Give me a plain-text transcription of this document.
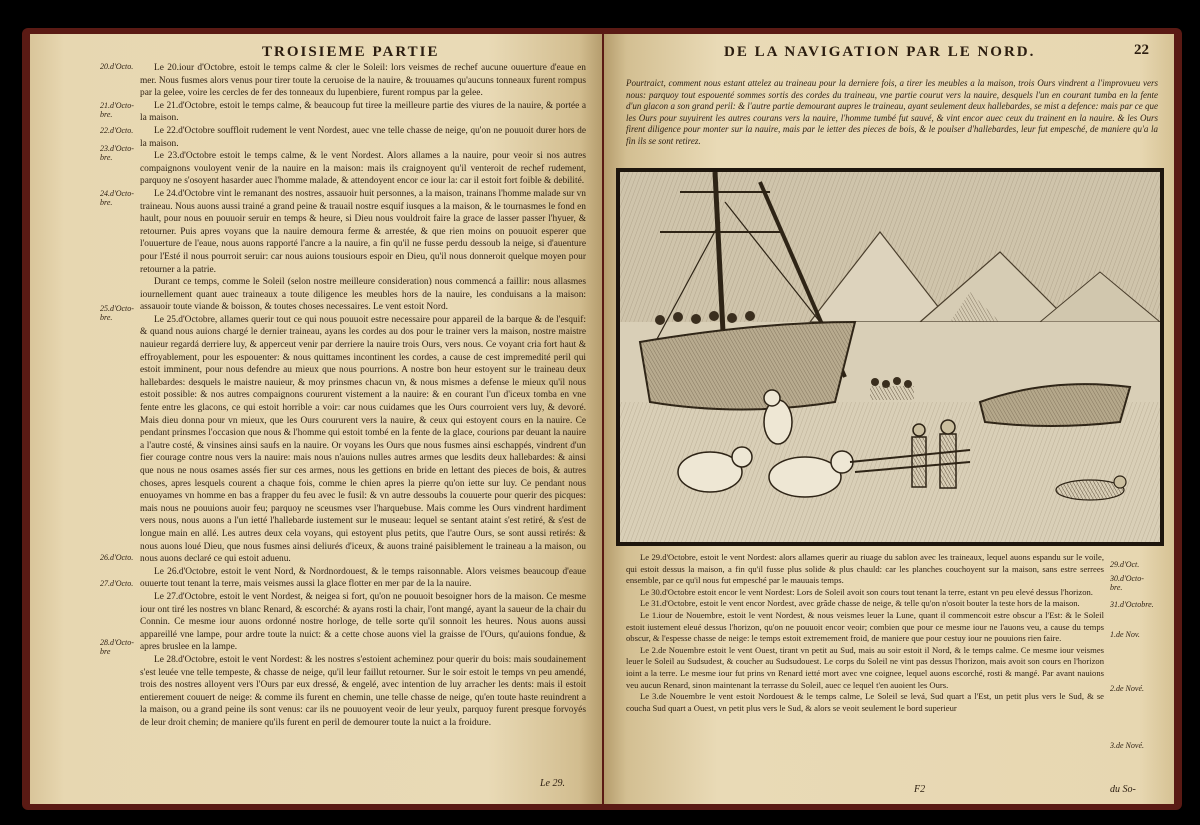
TROISIEME PARTIE
20.d'Octo.
21.d'Octo-
bre.
22.d'Octo.
23.d'Octo-
bre.
24.d'Octo-
bre.
25.d'Octo-
bre.
26.d'Octo.
27.d'Octo.
28.d'Octo-
bre

Le 20.iour d'Octobre, estoit le temps calme & cler le Soleil: lors veismes de rechef aucune ouuerture d'eaue en mer. Nous fusmes alors venus pour tirer toute la ceruoise de la nauire, & trouuames qu'aucuns tonneaux furent rompus par la gelee, voire les cercles de fer des tonneaux du lupenbiere, furent rompus par la gelee.

Le 21.d'Octobre, estoit le temps calme, & beaucoup fut tiree la meilleure partie des viures de la nauire, & portée a la maison.

Le 22.d'Octobre souffloit rudement le vent Nordest, auec vne telle chasse de neige, qu'on ne pouuoit durer hors de la maison.

Le 23.d'Octobre estoit le temps calme, & le vent Nordest. Alors allames a la nauire, pour veoir si nos autres compaignons vouloyent venir de la nauire en la maison: mais ils craignoyent qu'il venteroit de rechef rudement, parquoy ne s'osoyent hasarder auec l'homme malade, & attendoyent encor ce iour la: car il estoit fort foible & debilité.

Le 24.d'Octobre vint le remanant des nostres, assauoir huit personnes, a la maison, trainans l'homme malade sur vn traineau. Nous auons aussi trainé a grand peine & trauail nostre esquif iusques a la maison, & le tournasmes le fond en hault, pour nous en pouuoir seruir en temps & heure, si Dieu nous vouldroit faire la grace de lasser passer l'hyuer, & retourner. Puis apres voyans que la nauire demoura ferme & arrestée, & que rien moins on pouuoit esperer que l'ouuerture de l'eaue, nous auons rapporté l'ancre a la nauire, a fin qu'il ne fusse perdu dessoub la neige, si d'auenture pour l'Esté il nous pourroit seruir: car nous auions tousiours espoir en Dieu, qu'il nous donneroit quelque moyen pour retourner a la patrie.

Durant ce temps, comme le Soleil (selon nostre meilleure consideration) nous commencá a faillir: nous allasmes iournellement quant auec traineaux a toute diligence les meubles hors de la nauire, les conduisans a la maison: assauoir toute viande & boisson, & toutes choses necessaires. Le vent estoit Nord.

Le 25.d'Octobre, allames querir tout ce qui nous pouuoit estre necessaire pour appareil de la barque & de l'esquif: & quand nous auions chargé le dernier traineau, ayans les cordes au dos pour le trainer vers la maison, nostre maistre nauieur regardá derriere luy, & apperceut venir par derriere la nauire trois Ours, vers nous. Ce voyant cria fort haut & effroyablement, pour les espouenter: & nous quittames incontinent les cordes, a cause de cest impremedité peril qui estoit imminent, pour nous defendre au mieux que nous pourrions. A nostre bon heur estoyent sur le traineau deux hallebardes: desquels le maistre nauieur, & moy prinsmes chacun vn, & nous mismes a defense le mieux qu'il nous estoit possible: & nos autres compaignons coururent vistement a la nauire: & en courant l'un d'iceux tomba en vne fente entre les glacons, ce qui estoit horrible a voir: car nous cuidames que les Ours courroient vers luy, & devoré. Mais dieu donna pour vn mieux, que les Ours coururent vers la nauire, & ceux qui estoyent cours en la nauire. Ce pendant prinsmes l'occasion que nous & l'homme qui estoit tombé en la fente de la glace, courions par deuant la nauire a l'autre costé, & vinsines ainsi saufs en la nauire. Or voyans les Ours que nous fusmes ainsi eschappés, vindrent d'un fier courage contre nous vers la nauire: mais nous n'auions nulles autres armes que lesdits deux hallebardes: & ainsi que nous ne nous osames assés fier sur ces armes, nous les gettions en bride en lettant des pieces de bois, & autres choses, apres lesquels courent a chaque fois, comme le chien apres la pierre qu'on iette sur luy. Ce pendant nous enuoyames vn homme en bas a frapper du feu avec le fusil: & vn autre dessoubs la couuerte pour querir des picques: mais nous ne pouuions auoir feu; parquoy ne sceusmes vser l'harquebuse. Mais comme les Ours vindrent hardiment vers nous, nous auons a l'un ietté l'hallebarde iustement sur le museau: lequel se sentant ataint s'est retiré, & s'est de longue main en allé. Les autres deux cela voyans, qui estoyent plus petits, que l'autre Ours, se sont aussi retirés: & nous auons loué Dieu, que nous fusmes ainsi deliurés d'iceux, & auons trainé paisiblement le traineau a la maison, ou nous auons declaré ce qui estoit aduenu.

Le 26.d'Octobre, estoit le vent Nord, & Nordnordouest, & le temps raisonnable. Alors veismes beaucoup d'eaue ouuerte tout tenant la terre, mais veismes aussi la glace flotter en mer par de la la nauire.

Le 27.d'Octobre, estoit le vent Nordest, & neigea si fort, qu'on ne pouuoit besoigner hors de la maison. Ce mesme iour ont tiré les nostres vn blanc Renard, & escorché: & ayans rosti la chair, l'ont mangé, ayant la saueur de la chair du Connin. Ce mesme iour auons ordonné nostre horloge, de telle sorte qu'il sonnoit les heures. Nous auons aussi appareillé vne lampe, pour ardre toute la nuict: & a cette chose auons viel la graisse de l'Ours, qu'auions fondue, & apres bruslee en la lampe.

Le 28.d'Octobre, estoit le vent Nordest: & les nostres s'estoient acheminez pour querir du bois: mais soudainement s'est leuée vne telle tempeste, & chasse de neige, qu'il leur faillut retourner. Sur le soir estoit le temps vn peu amendé, trois des nostres alloyent vers l'Ours par eux dressé, & engelé, avec intention de luy arracher les dents: mais il estoit entierement couuert de neige: & comme ils furent en chemin, une telle chasse de neige, qu'en toute haste reuindrent a la maison, ou a grand peine ils sont venus: car ils ne pouuoyent veoir de leur yeulx, parquoy furent presque forvoyés de leur droit chemin; de maniere qu'ils furent en peril de demourer toute la nuict a la froidure.

Le 29.
DE LA NAVIGATION PAR LE NORD.	22
Pourtraict, comment nous estant attelez au traineau pour la derniere fois, a tirer les meubles a la maison, trois Ours vindrent a l'improvueu vers nous: parquoy tout espouenté sommes sortis des cordes du traineau, vne partie courut vers la nauire, desquels l'un en courant tumba en la fente d'un glacon a son grand peril: & l'autre partie demourant aupres le traineau, ayant seulement deux hallebardes, se mist a defence: mais par ce que les Ours pour suyuirent les autres courans vers la nauire, l'homme tumbé fut sauvé, & vint encor auec ceux du trainent en la nauire. & les Ours firent diligence pour monter sur la nauire, mais par le ietter des pieces de bois, & le poulser d'hallebardes, leur fut empesché, de maniere qu'a la fin ils se sont retirez.
29.d'Oct.
30.d'Octo-
bre.
31.d'Octobre.
1.de Nov.
2.de Nové.
3.de Nové.

Le 29.d'Octobre, estoit le vent Nordest: alors allames querir au riuage du sablon avec les traineaux, lequel auons espandu sur le voile, qui estoit dessus la maison, a fin qu'il fusse plus solide & plus chauld: car les planches couchoyent sur la maison, sans estre serrees ensemble, par ce qu'il nous fut empesché par le mauuais temps.

Le 30.d'Octobre estoit encor le vent Nordest: Lors de Soleil avoit son cours tout tenant la terre, estant vn peu elevé dessus l'horizon.

Le 31.d'Octobre, estoit le vent encor Nordest, avec grãde chasse de neige, & telle qu'on n'osoit bouter la teste hors de la maison.

Le 1.iour de Nouembre, estoit le vent Nordest, & nous veismes leuer la Lune, quant il commencoit estre obscur a l'Est: & le Soleil estoit iustement eleué dessus l'horizon, qu'on ne pouuoit encor veoir; combien que pour ce mesme iour ne l'auons veu, a cause du temps obscur, & l'espesse chasse de neige: le temps estoit extremement froid, de maniere que pour cestuy iour ne pouuions rien faire.

Le 2.de Nouembre estoit le vent Ouest, tirant vn petit au Sud, mais au soir estoit il Nord, & le temps calme. Ce mesme iour veismes leuer le Soleil au Sudsudest, & coucher au Sudsudouest. Le corps du Soleil ne vint pas dessus l'horizon, mais avoit son cours en l'horizon ioint a la terre. Le mesme iour fut prins vn Renard ietté mort avec vne coignee, lequel auons escorché, rosti & mangé. Par avant nauions veu aucun Renard, sinon maintenant la terrasse du Soleil, auec ce lequel t'en auoient les Ours.

Le 3.de Nouembre le vent estoit Nordouest & le temps calme, Le Soleil se levá, Sud quart a l'Est, un petit plus vers le Sud, & se coucha Sud quart a Ouest, vn petit plus vers le Sud, & alors se veoit seulement le bord superieur

F2	du So-
